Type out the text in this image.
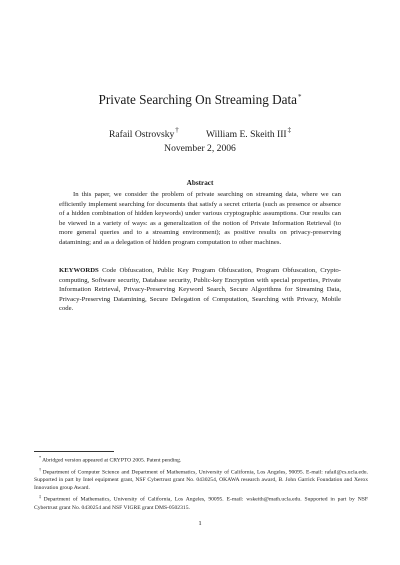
Private Searching On Streaming Data*
Rafail Ostrovsky†	William E. Skeith III‡
November 2, 2006
Abstract

In this paper, we consider the problem of private searching on streaming data, where we can efficiently implement searching for documents that satisfy a secret criteria (such as presence or absence of a hidden combination of hidden keywords) under various cryptographic assumptions. Our results can be viewed in a variety of ways: as a generalization of the notion of Private Information Retrieval (to more general queries and to a streaming environment); as positive results on privacy-preserving datamining; and as a delegation of hidden program computation to other machines.

KEYWORDS Code Obfuscation, Public Key Program Obfuscation, Program Obfuscation, Crypto-computing, Software security, Database security, Public-key Encryption with special properties, Private Information Retrieval, Privacy-Preserving Keyword Search, Secure Algorithms for Streaming Data, Privacy-Preserving Datamining, Secure Delegation of Computation, Searching with Privacy, Mobile code.

*Abridged version appeared at CRYPTO 2005. Patent pending.

†Department of Computer Science and Department of Mathematics, University of California, Los Angeles, 90095. E-mail: rafail@cs.ucla.edu. Supported in part by Intel equipment grant, NSF Cybertrust grant No. 0430254, OKAWA research award, B. John Garrick Foundation and Xerox Innovation group Award.

‡Department of Mathematics, University of California, Los Angeles, 90095. E-mail: wskeith@math.ucla.edu. Supported in part by NSF Cybertrust grant No. 0430254 and NSF VIGRE grant DMS-0502315.

1
